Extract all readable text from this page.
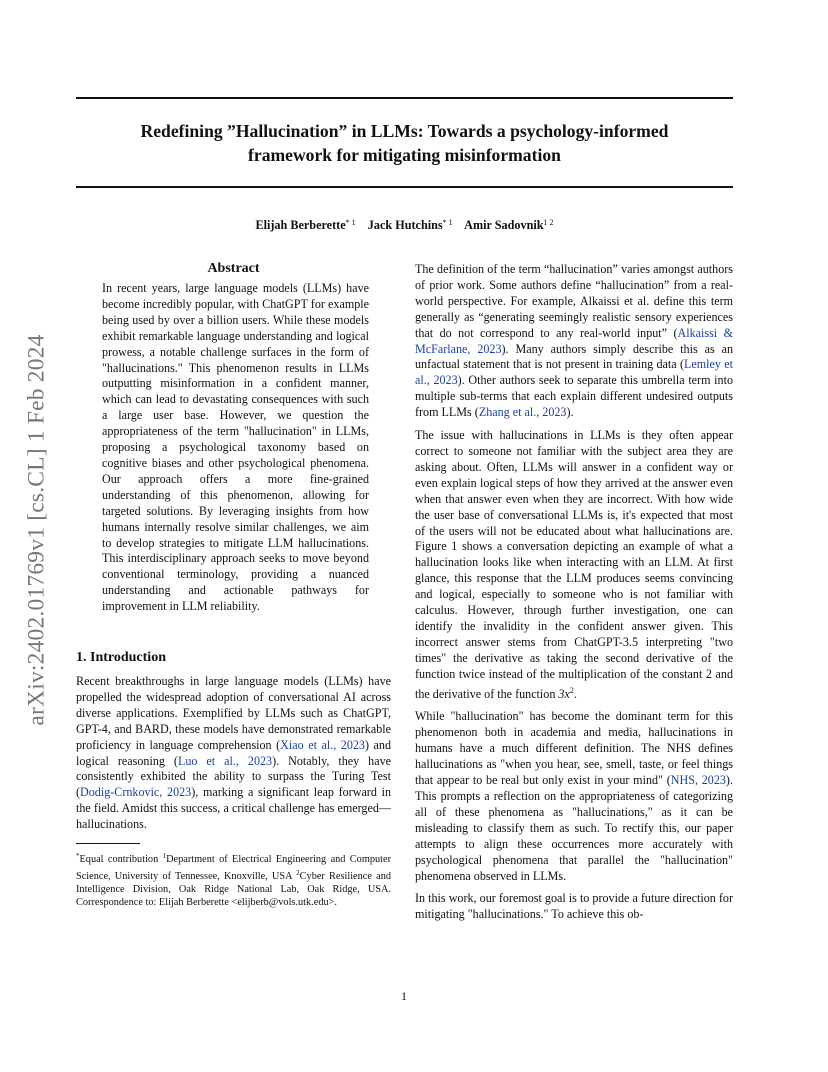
arXiv:2402.01769v1 [cs.CL] 1 Feb 2024
Redefining ”Hallucination” in LLMs: Towards a psychology-informed
framework for mitigating misinformation
Elijah Berberette$^{* 1}$ Jack Hutchins$^{* 1}$ Amir Sadovnik$^{1 2}$
Abstract

In recent years, large language models (LLMs) have become incredibly popular, with ChatGPT for example being used by over a billion users. While these models exhibit remarkable language understanding and logical prowess, a notable challenge surfaces in the form of "hallucinations." This phenomenon results in LLMs outputting misinformation in a confident manner, which can lead to devastating consequences with such a large user base. However, we question the appropriateness of the term "hallucination" in LLMs, proposing a psychological taxonomy based on cognitive biases and other psychological phenomena. Our approach offers a more fine-grained understanding of this phenomenon, allowing for targeted solutions. By leveraging insights from how humans internally resolve similar challenges, we aim to develop strategies to mitigate LLM hallucinations. This interdisciplinary approach seeks to move beyond conventional terminology, providing a nuanced understanding and actionable pathways for improvement in LLM reliability.

1. Introduction

Recent breakthroughs in large language models (LLMs) have propelled the widespread adoption of conversational AI across diverse applications. Exemplified by LLMs such as ChatGPT, GPT-4, and BARD, these models have demonstrated remarkable proficiency in language comprehension (Xiao et al., 2023) and logical reasoning (Luo et al., 2023). Notably, they have consistently exhibited the ability to surpass the Turing Test (Dodig-Crnkovic, 2023), marking a significant leap forward in the field. Amidst this success, a critical challenge has emerged—hallucinations.

*Equal contribution $^1$Department of Electrical Engineering and Computer Science, University of Tennessee, Knoxville, USA $^2$Cyber Resilience and Intelligence Division, Oak Ridge National Lab, Oak Ridge, USA. Correspondence to: Elijah Berberette <elijberb@vols.utk.edu>.

The definition of the term “hallucination” varies amongst authors of prior work. Some authors define “hallucination” from a real-world perspective. For example, Alkaissi et al. define this term generally as “generating seemingly realistic sensory experiences that do not correspond to any real-world input” (Alkaissi & McFarlane, 2023). Many authors simply describe this as an unfactual statement that is not present in training data (Lemley et al., 2023). Other authors seek to separate this umbrella term into multiple sub-terms that each explain different undesired outputs from LLMs (Zhang et al., 2023).

The issue with hallucinations in LLMs is they often appear correct to someone not familiar with the subject area they are asking about. Often, LLMs will answer in a confident way or even explain logical steps of how they arrived at the answer even when that answer even when they are incorrect. With how wide the user base of conversational LLMs is, it's expected that most of the users will not be educated about what hallucinations are. Figure 1 shows a conversation depicting an example of what a hallucination looks like when interacting with an LLM. At first glance, this response that the LLM produces seems convincing and logical, especially to someone who is not familiar with calculus. However, through further investigation, one can identify the invalidity in the confident answer given. This incorrect answer stems from ChatGPT-3.5 interpreting "two times" the derivative as taking the second derivative of the function twice instead of the multiplication of the constant 2 and the derivative of the function $3x^2$.

While "hallucination" has become the dominant term for this phenomenon both in academia and media, hallucinations in humans have a much different definition. The NHS defines hallucinations as "when you hear, see, smell, taste, or feel things that appear to be real but only exist in your mind" (NHS, 2023). This prompts a reflection on the appropriateness of categorizing all of these phenomena as "hallucinations," as it can be misleading to classify them as such. To rectify this, our paper attempts to align these occurrences more accurately with psychological phenomena that parallel the "hallucination" phenomena observed in LLMs.

In this work, our foremost goal is to provide a future direction for mitigating "hallucinations." To achieve this ob-

1
